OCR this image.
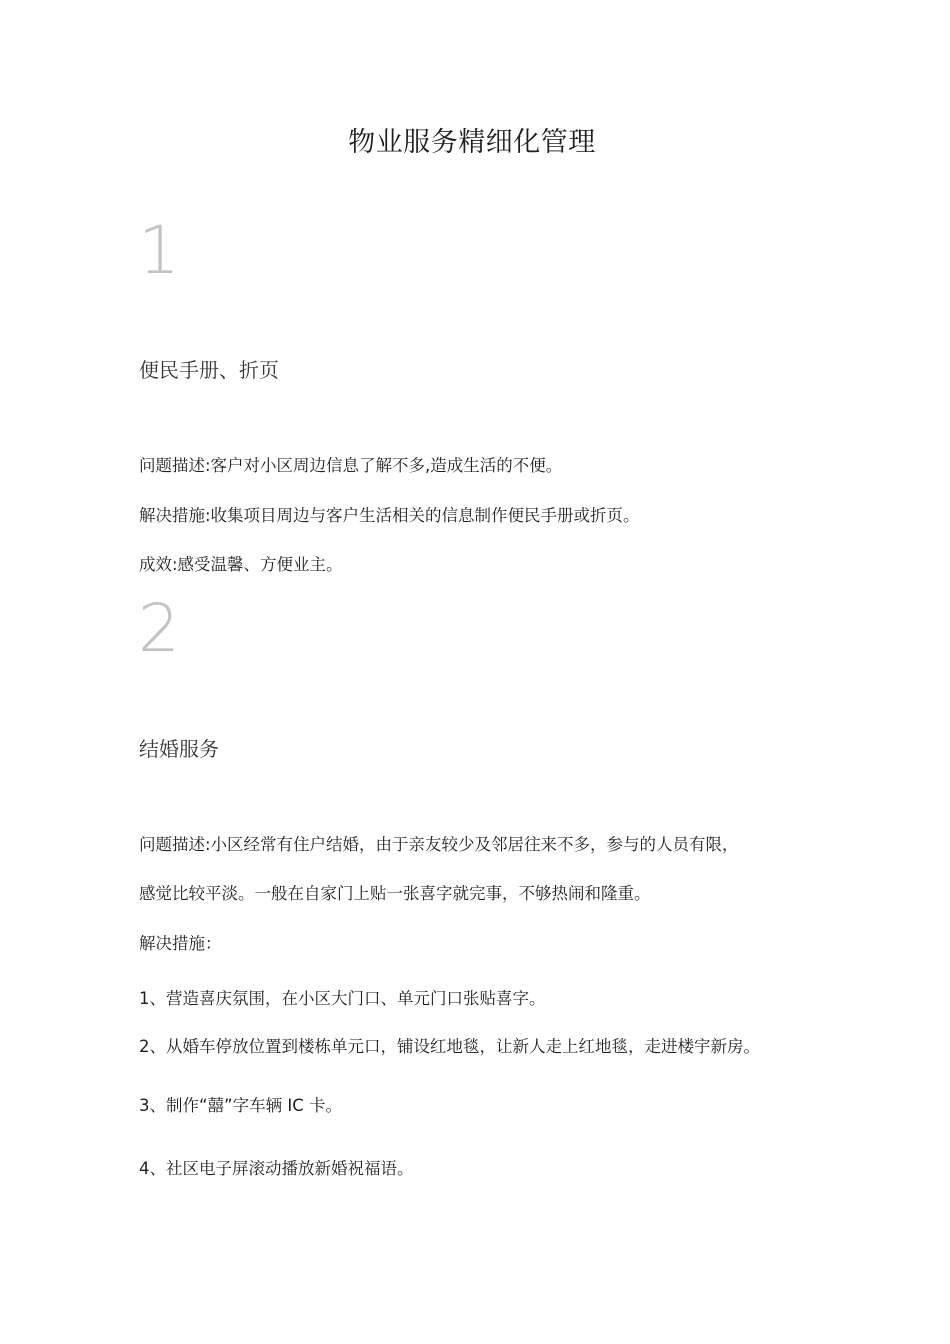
物业服务精细化管理
1
便民手册、折页
问题描述:客户对小区周边信息了解不多,造成生活的不便。
解决措施:收集项目周边与客户生活相关的信息制作便民手册或折页。
成效:感受温馨、方便业主。
2
结婚服务
问题描述:小区经常有住户结婚，由于亲友较少及邻居往来不多，参与的人员有限，
感觉比较平淡。一般在自家门上贴一张喜字就完事，不够热闹和隆重。
解决措施：
1、营造喜庆氛围，在小区大门口、单元门口张贴喜字。
2、从婚车停放位置到楼栋单元口，铺设红地毯，让新人走上红地毯，走进楼宇新房。
3、制作“囍”字车辆 IC 卡。
4、社区电子屏滚动播放新婚祝福语。
